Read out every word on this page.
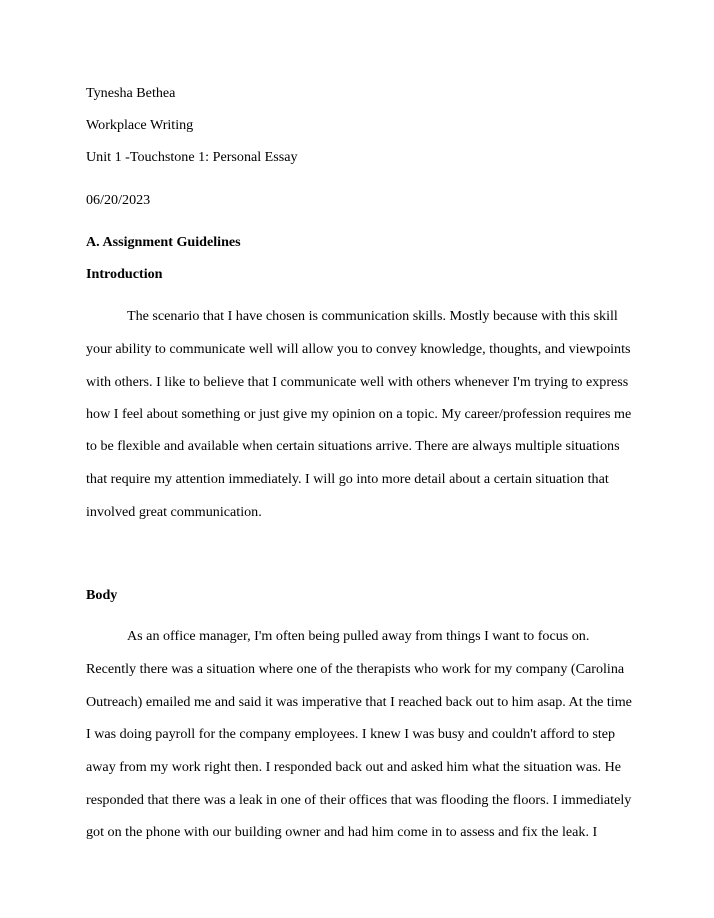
Tynesha Bethea
Workplace Writing
Unit 1 -Touchstone 1: Personal Essay
06/20/2023
A. Assignment Guidelines
Introduction
The scenario that I have chosen is communication skills. Mostly because with this skill
your ability to communicate well will allow you to convey knowledge, thoughts, and viewpoints
with others. I like to believe that I communicate well with others whenever I'm trying to express
how I feel about something or just give my opinion on a topic. My career/profession requires me
to be flexible and available when certain situations arrive. There are always multiple situations
that require my attention immediately. I will go into more detail about a certain situation that
involved great communication.
Body
As an office manager, I'm often being pulled away from things I want to focus on.
Recently there was a situation where one of the therapists who work for my company (Carolina
Outreach) emailed me and said it was imperative that I reached back out to him asap. At the time
I was doing payroll for the company employees. I knew I was busy and couldn't afford to step
away from my work right then. I responded back out and asked him what the situation was. He
responded that there was a leak in one of their offices that was flooding the floors. I immediately
got on the phone with our building owner and had him come in to assess and fix the leak. I
